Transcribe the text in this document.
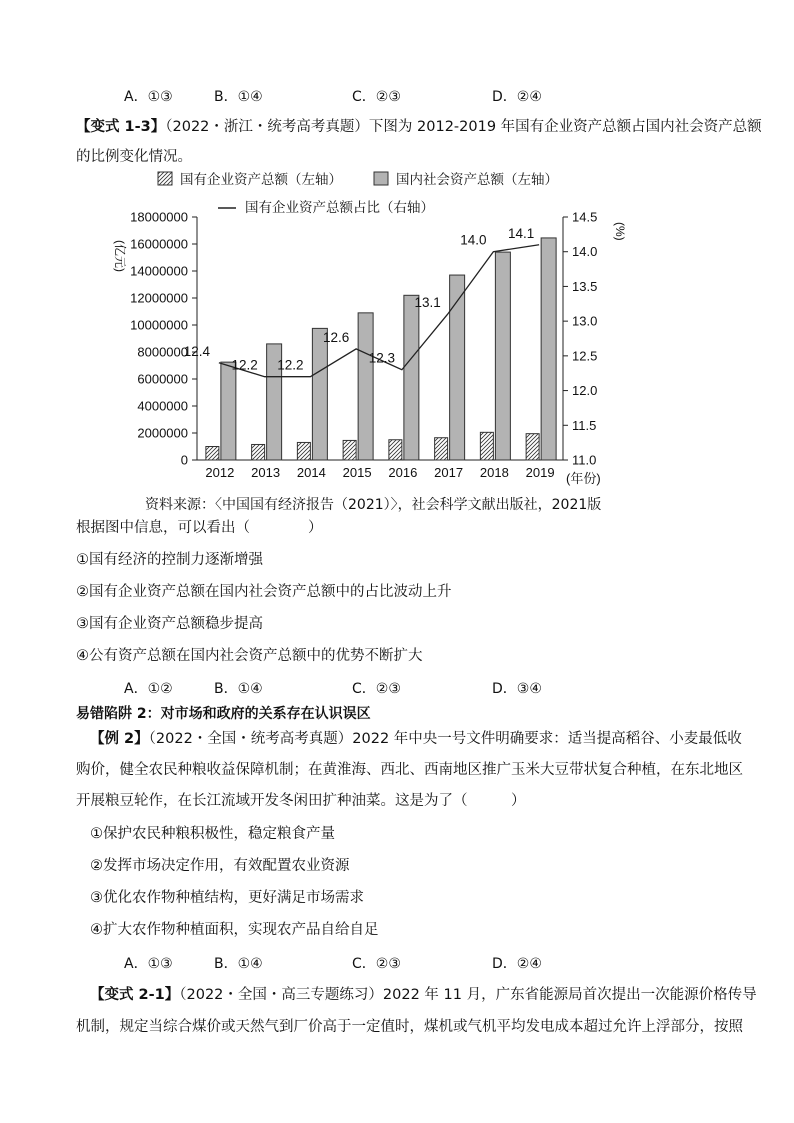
A．①③	B．①④	C．②③	D．②④
【变式 1-3】（2022・浙江・统考高考真题）下图为 2012-2019 年国有企业资产总额占国内社会资产总额
的比例变化情况。
国有企业资产总额（左轴）	国内社会资产总额（左轴）
国有企业资产总额占比（右轴）
(亿元)
(%)
(年份)
0
2000000
4000000
6000000
8000000
10000000
12000000
14000000
16000000
18000000
11.0
11.5
12.0
12.5
13.0
13.5
14.0
14.5
2012 2013 2014 2015 2016 2017 2018 2019
12.4
12.2 12.2
12.6
12.3
13.1
14.0 14.1
资料来源：〈中国国有经济报告（2021）〉，社会科学文献出版社，2021版
根据图中信息，可以看出（　　　　）
①国有经济的控制力逐渐增强
②国有企业资产总额在国内社会资产总额中的占比波动上升
③国有企业资产总额稳步提高
④公有资产总额在国内社会资产总额中的优势不断扩大
A．①②	B．①④	C．②③	D．③④
易错陷阱 2：对市场和政府的关系存在认识误区
【例 2】（2022・全国・统考高考真题）2022 年中央一号文件明确要求：适当提高稻谷、小麦最低收
购价，健全农民种粮收益保障机制；在黄淮海、西北、西南地区推广玉米大豆带状复合种植，在东北地区
开展粮豆轮作，在长江流域开发冬闲田扩种油菜。这是为了（　　　）
①保护农民种粮积极性，稳定粮食产量
②发挥市场决定作用，有效配置农业资源
③优化农作物种植结构，更好满足市场需求
④扩大农作物种植面积，实现农产品自给自足
A．①③	B．①④	C．②③	D．②④
【变式 2-1】（2022・全国・高三专题练习）2022 年 11 月，广东省能源局首次提出一次能源价格传导
机制，规定当综合煤价或天然气到厂价高于一定值时，煤机或气机平均发电成本超过允许上浮部分，按照
